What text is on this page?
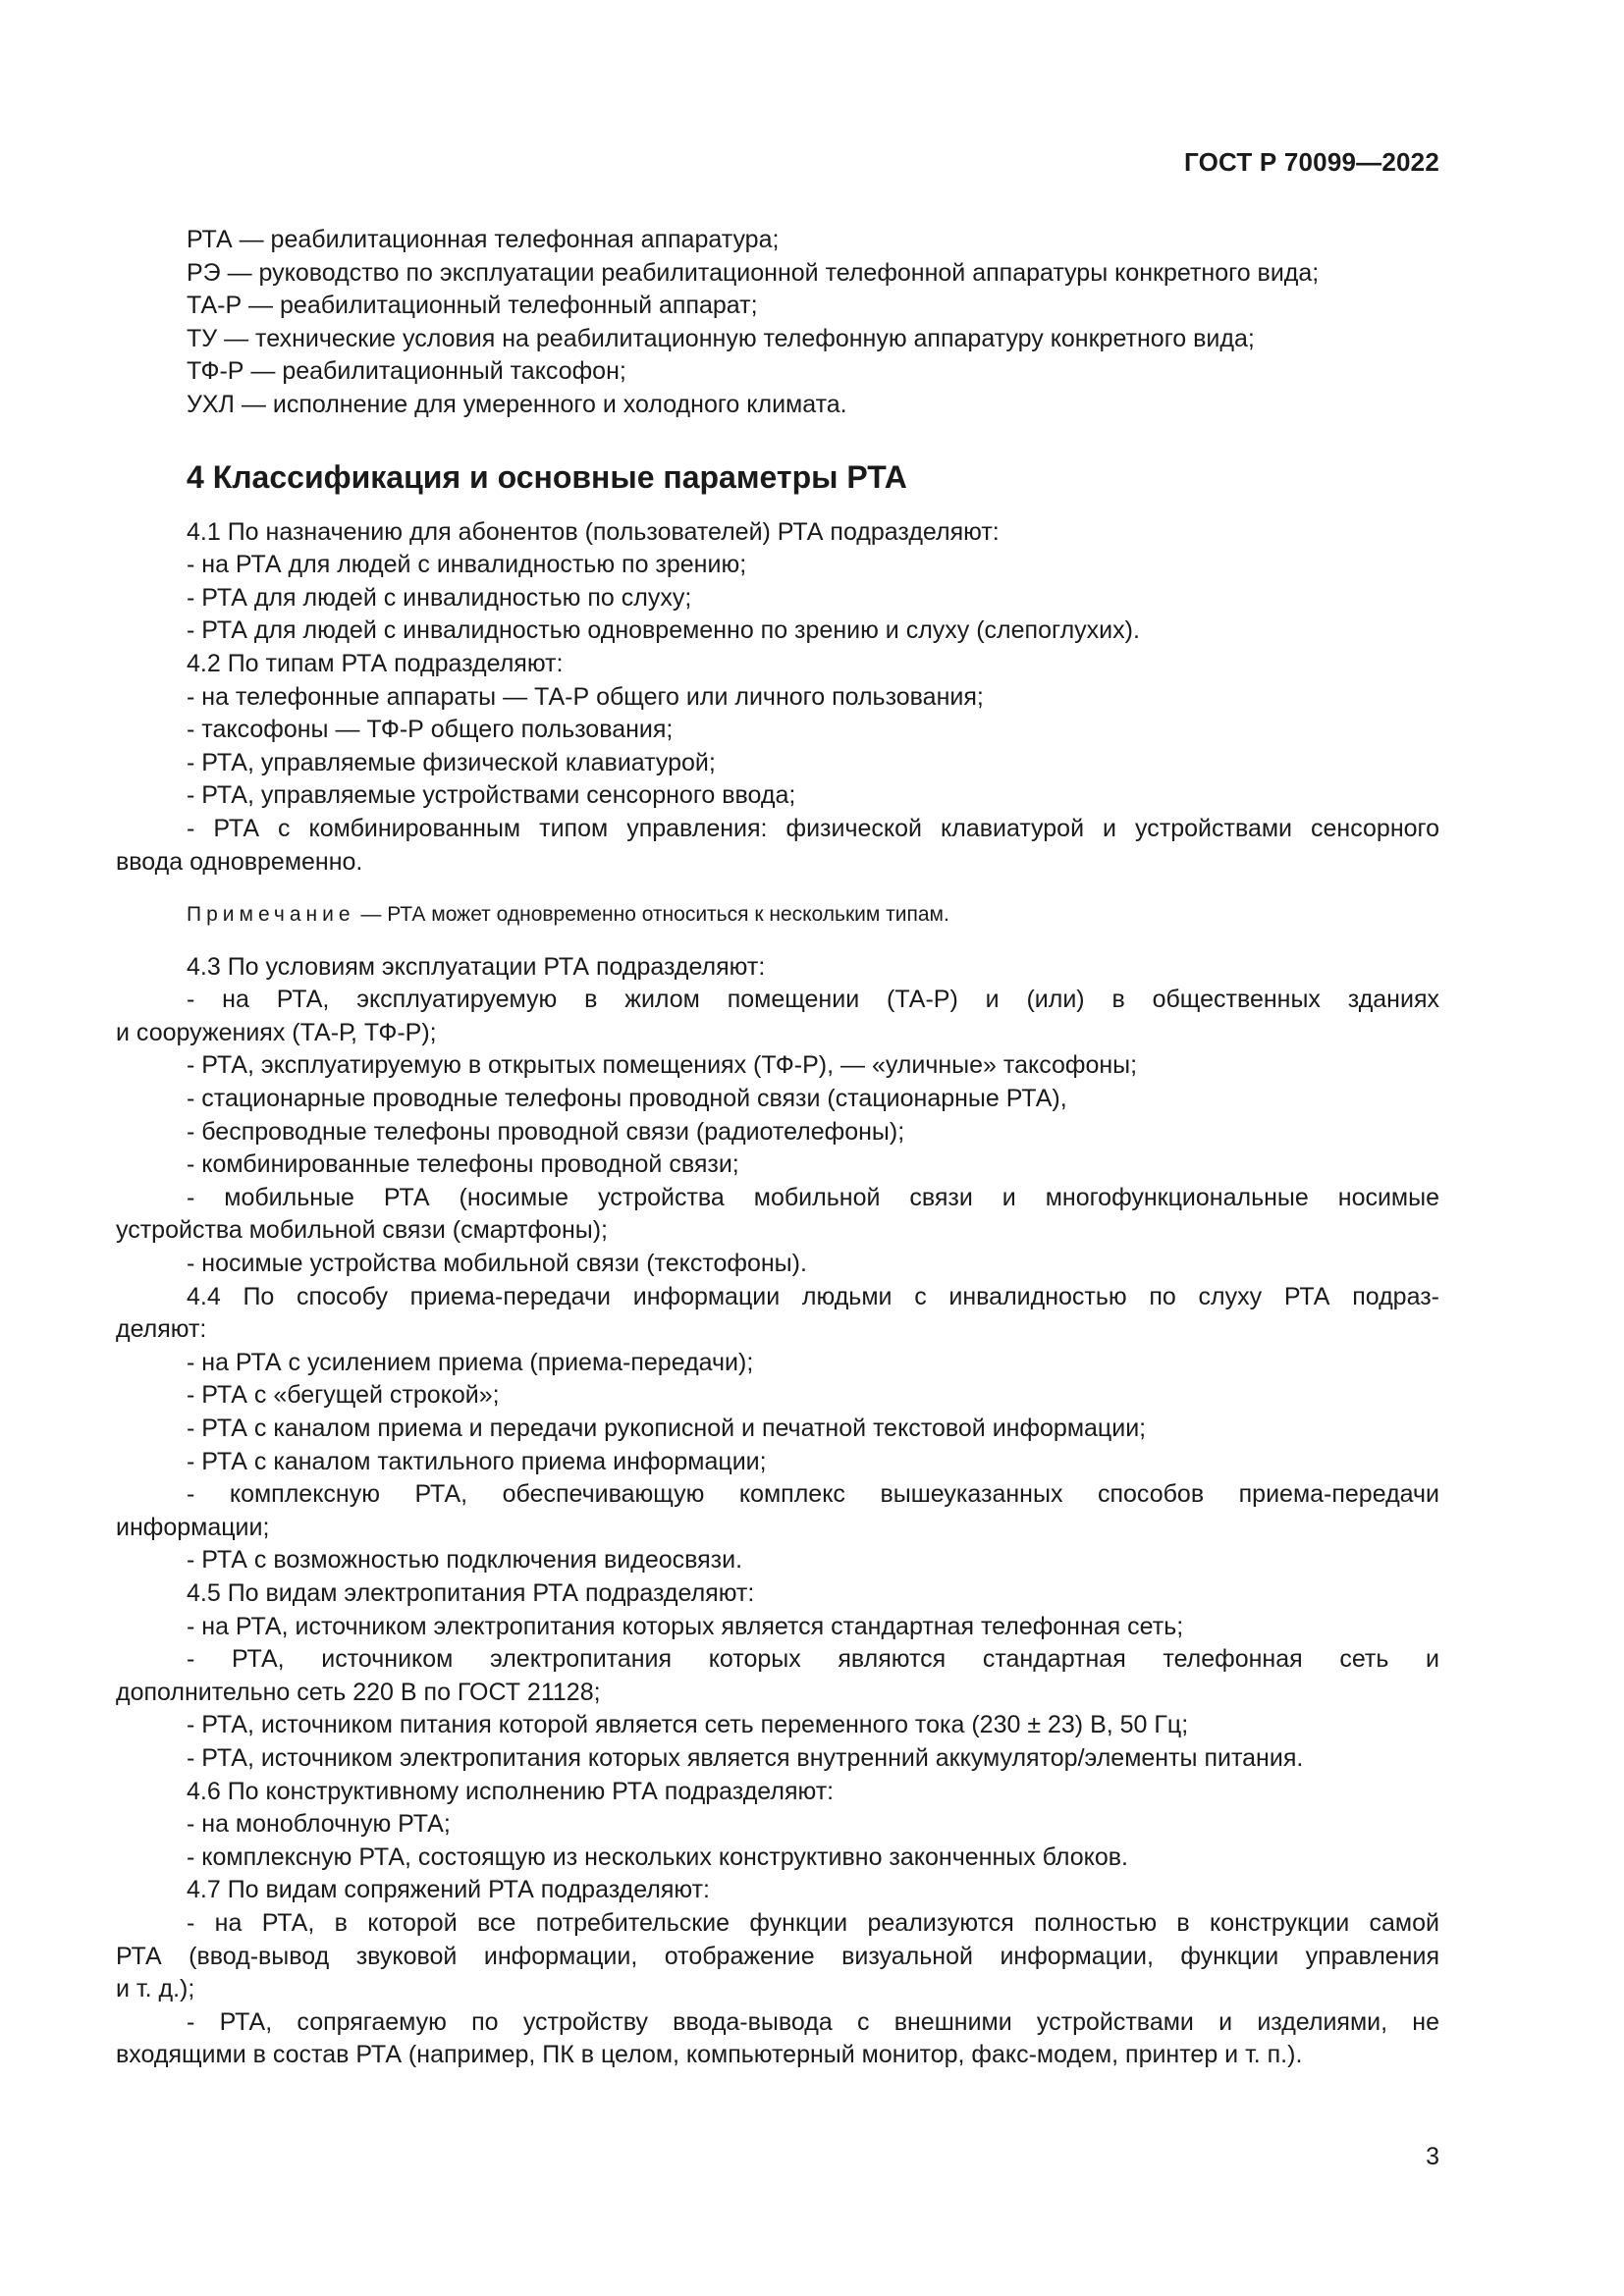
ГОСТ Р 70099—2022
РТА — реабилитационная телефонная аппаратура;
РЭ — руководство по эксплуатации реабилитационной телефонной аппаратуры конкретного вида;
ТА-Р — реабилитационный телефонный аппарат;
ТУ — технические условия на реабилитационную телефонную аппаратуру конкретного вида;
ТФ-Р — реабилитационный таксофон;
УХЛ — исполнение для умеренного и холодного климата.
4 Классификация и основные параметры РТА
4.1 По назначению для абонентов (пользователей) РТА подразделяют:
- на РТА для людей с инвалидностью по зрению;
- РТА для людей с инвалидностью по слуху;
- РТА для людей с инвалидностью одновременно по зрению и слуху (слепоглухих).
4.2 По типам РТА подразделяют:
- на телефонные аппараты — ТА-Р общего или личного пользования;
- таксофоны — ТФ-Р общего пользования;
- РТА, управляемые физической клавиатурой;
- РТА, управляемые устройствами сенсорного ввода;
- РТА с комбинированным типом управления: физической клавиатурой и устройствами сенсорного
ввода одновременно.
Примечание — РТА может одновременно относиться к нескольким типам.
4.3 По условиям эксплуатации РТА подразделяют:
- на РТА, эксплуатируемую в жилом помещении (ТА-Р) и (или) в общественных зданиях
и сооружениях (ТА-Р, ТФ-Р);
- РТА, эксплуатируемую в открытых помещениях (ТФ-Р), — «уличные» таксофоны;
- стационарные проводные телефоны проводной связи (стационарные РТА),
- беспроводные телефоны проводной связи (радиотелефоны);
- комбинированные телефоны проводной связи;
- мобильные РТА (носимые устройства мобильной связи и многофункциональные носимые
устройства мобильной связи (смартфоны);
- носимые устройства мобильной связи (текстофоны).
4.4 По способу приема-передачи информации людьми с инвалидностью по слуху РТА подраз-
деляют:
- на РТА с усилением приема (приема-передачи);
- РТА с «бегущей строкой»;
- РТА с каналом приема и передачи рукописной и печатной текстовой информации;
- РТА с каналом тактильного приема информации;
- комплексную РТА, обеспечивающую комплекс вышеуказанных способов приема-передачи
информации;
- РТА с возможностью подключения видеосвязи.
4.5 По видам электропитания РТА подразделяют:
- на РТА, источником электропитания которых является стандартная телефонная сеть;
- РТА, источником электропитания которых являются стандартная телефонная сеть и
дополнительно сеть 220 В по ГОСТ 21128;
- РТА, источником питания которой является сеть переменного тока (230 ± 23) В, 50 Гц;
- РТА, источником электропитания которых является внутренний аккумулятор/элементы питания.
4.6 По конструктивному исполнению РТА подразделяют:
- на моноблочную РТА;
- комплексную РТА, состоящую из нескольких конструктивно законченных блоков.
4.7 По видам сопряжений РТА подразделяют:
- на РТА, в которой все потребительские функции реализуются полностью в конструкции самой
РТА (ввод-вывод звуковой информации, отображение визуальной информации, функции управления
и т. д.);
- РТА, сопрягаемую по устройству ввода-вывода с внешними устройствами и изделиями, не
входящими в состав РТА (например, ПК в целом, компьютерный монитор, факс-модем, принтер и т. п.).
3
